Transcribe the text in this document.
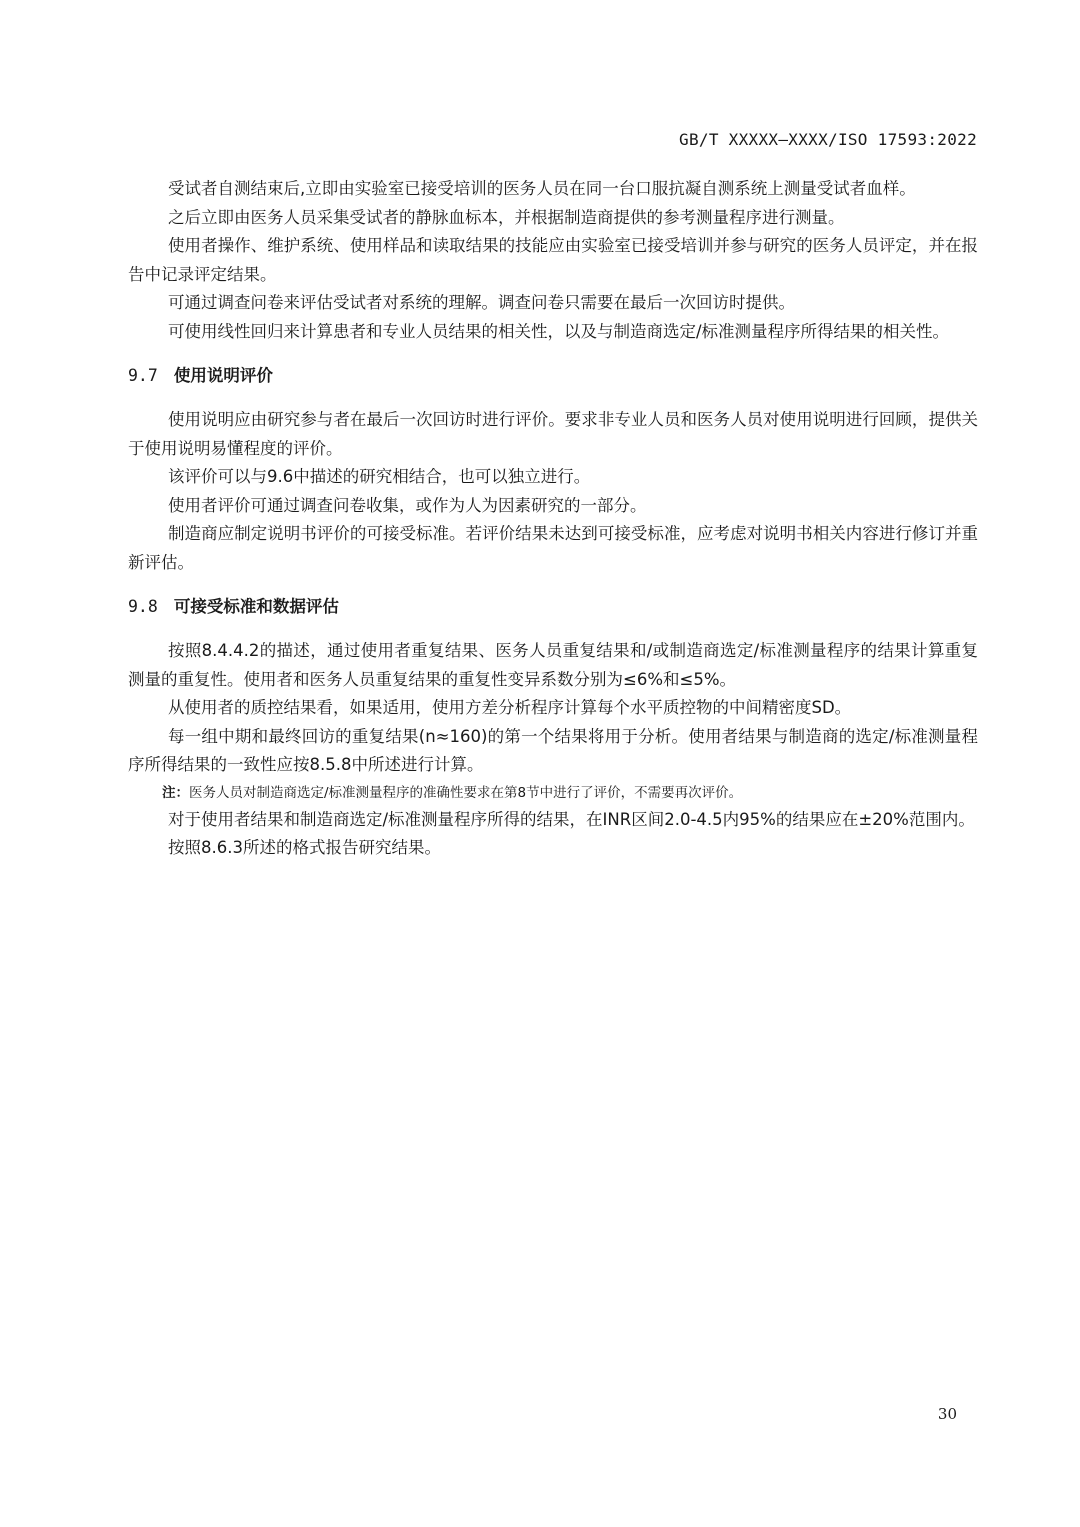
GB/T XXXXX—XXXX/ISO 17593:2022

受试者自测结束后,立即由实验室已接受培训的医务人员在同一台口服抗凝自测系统上测量受试者血样。

之后立即由医务人员采集受试者的静脉血标本，并根据制造商提供的参考测量程序进行测量。

使用者操作、维护系统、使用样品和读取结果的技能应由实验室已接受培训并参与研究的医务人员评定，并在报告中记录评定结果。

可通过调查问卷来评估受试者对系统的理解。调查问卷只需要在最后一次回访时提供。

可使用线性回归来计算患者和专业人员结果的相关性，以及与制造商选定/标准测量程序所得结果的相关性。

9.7 使用说明评价

使用说明应由研究参与者在最后一次回访时进行评价。要求非专业人员和医务人员对使用说明进行回顾，提供关于使用说明易懂程度的评价。

该评价可以与9.6中描述的研究相结合，也可以独立进行。

使用者评价可通过调查问卷收集，或作为人为因素研究的一部分。

制造商应制定说明书评价的可接受标准。若评价结果未达到可接受标准，应考虑对说明书相关内容进行修订并重新评估。

9.8 可接受标准和数据评估

按照8.4.4.2的描述，通过使用者重复结果、医务人员重复结果和/或制造商选定/标准测量程序的结果计算重复测量的重复性。使用者和医务人员重复结果的重复性变异系数分别为≤6%和≤5%。

从使用者的质控结果看，如果适用，使用方差分析程序计算每个水平质控物的中间精密度SD。

每一组中期和最终回访的重复结果(n≈160)的第一个结果将用于分析。使用者结果与制造商的选定/标准测量程序所得结果的一致性应按8.5.8中所述进行计算。

注：医务人员对制造商选定/标准测量程序的准确性要求在第8节中进行了评价，不需要再次评价。

对于使用者结果和制造商选定/标准测量程序所得的结果，在INR区间2.0-4.5内95%的结果应在±20%范围内。

按照8.6.3所述的格式报告研究结果。

30
